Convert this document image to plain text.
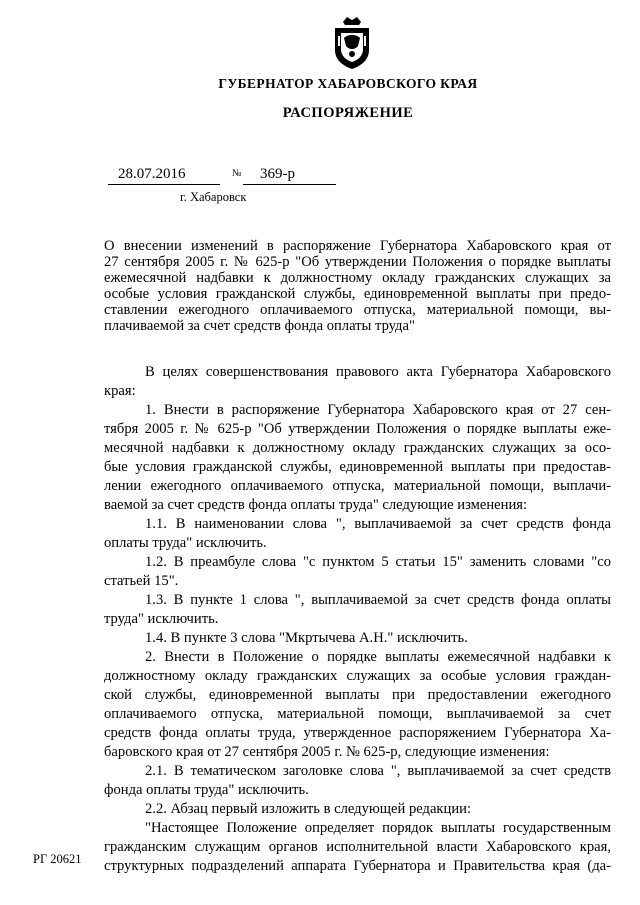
ГУБЕРНАТОР ХАБАРОВСКОГО КРАЯ
РАСПОРЯЖЕНИЕ
28.07.2016	№ 369-р
г. Хабаровск
О внесении изменений в распоряжение Губернатора Хабаровского края от
27 сентября 2005 г. № 625-р "Об утверждении Положения о порядке выплаты
ежемесячной надбавки к должностному окладу гражданских служащих за
особые условия гражданской службы, единовременной выплаты при предо-
ставлении ежегодного оплачиваемого отпуска, материальной помощи, вы-
плачиваемой за счет средств фонда оплаты труда"
В целях совершенствования правового акта Губернатора Хабаровского
края:
1. Внести в распоряжение Губернатора Хабаровского края от 27 сен-
тября 2005 г. № 625-р "Об утверждении Положения о порядке выплаты еже-
месячной надбавки к должностному окладу гражданских служащих за осо-
бые условия гражданской службы, единовременной выплаты при предостав-
лении ежегодного оплачиваемого отпуска, материальной помощи, выплачи-
ваемой за счет средств фонда оплаты труда" следующие изменения:
1.1. В наименовании слова ", выплачиваемой за счет средств фонда
оплаты труда" исключить.
1.2. В преамбуле слова "с пунктом 5 статьи 15" заменить словами "со
статьей 15".
1.3. В пункте 1 слова ", выплачиваемой за счет средств фонда оплаты
труда" исключить.
1.4. В пункте 3 слова "Мкртычева А.Н." исключить.
2. Внести в Положение о порядке выплаты ежемесячной надбавки к
должностному окладу гражданских служащих за особые условия граждан-
ской службы, единовременной выплаты при предоставлении ежегодного
оплачиваемого отпуска, материальной помощи, выплачиваемой за счет
средств фонда оплаты труда, утвержденное распоряжением Губернатора Ха-
баровского края от 27 сентября 2005 г. № 625-р, следующие изменения:
2.1. В тематическом заголовке слова ", выплачиваемой за счет средств
фонда оплаты труда" исключить.
2.2. Абзац первый изложить в следующей редакции:
"Настоящее Положение определяет порядок выплаты государственным
гражданским служащим органов исполнительной власти Хабаровского края,
структурных подразделений аппарата Губернатора и Правительства края (да-
РГ 20621
